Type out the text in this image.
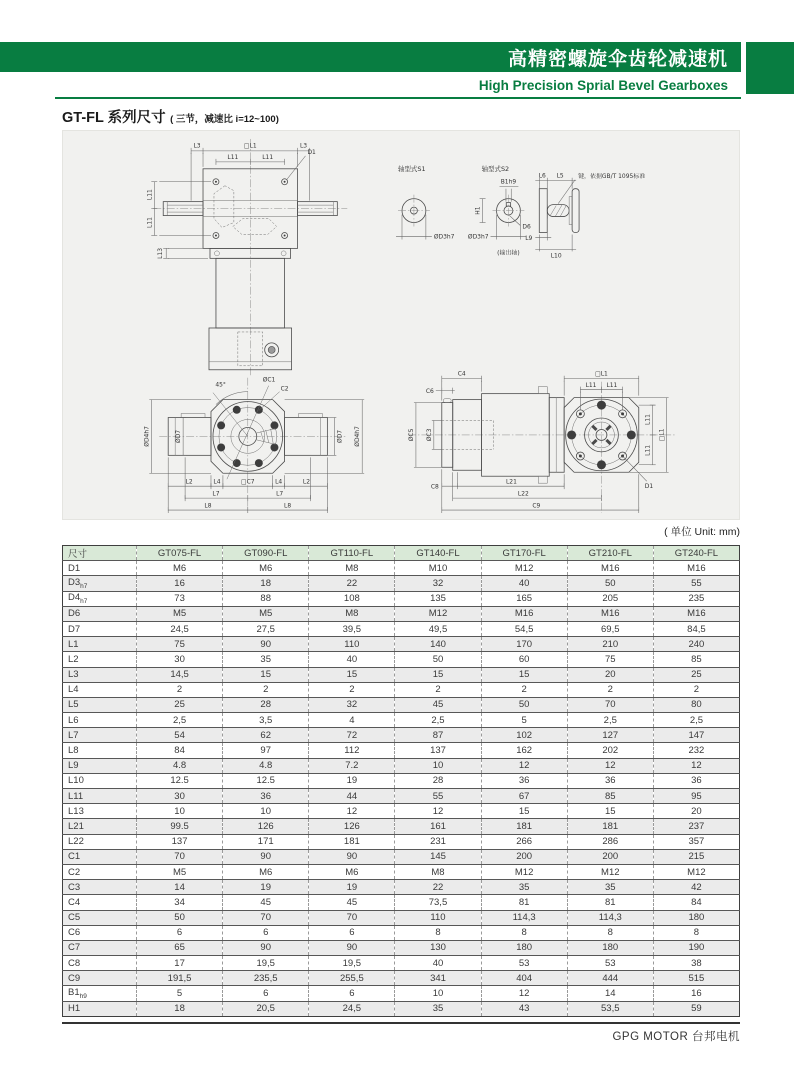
高精密螺旋伞齿轮减速机
High Precision Sprial Bevel Gearboxes
GT-FL 系列尺寸 ( 三节，减速比 i=12~100)
L3	□L1	L3
L11	L11
L11
L11
L13
D1
轴型式S1
ØD3h7
轴型式S2
B1h9
H1
D6
ØD3h7
(输出轴)
L6 L5 键，依据GB/T 1095标准
L9
L10
45°
ØC1
C2
ØD7	ØD7
ØD4h7	ØD4h7
L2	L4	□C7	L4	L2
L7	L7
L8	L8
C4
C6
□L1
L11 L11
ØC5 ØC3
L11
L11
□L1
D1
C8
L21
L22
C9
( 单位 Unit: mm)
尺寸	GT075-FL	GT090-FL	GT110-FL	GT140-FL	GT170-FL	GT210-FL	GT240-FL
D1	M6	M6	M8	M10	M12	M16	M16
$D3_{h7}$	16	18	22	32	40	50	55
$D4_{h7}$	73	88	108	135	165	205	235
D6	M5	M5	M8	M12	M16	M16	M16
D7	24,5	27,5	39,5	49,5	54,5	69,5	84,5
L1	75	90	110	140	170	210	240
L2	30	35	40	50	60	75	85
L3	14,5	15	15	15	15	20	25
L4	2	2	2	2	2	2	2
L5	25	28	32	45	50	70	80
L6	2,5	3,5	4	2,5	5	2,5	2,5
L7	54	62	72	87	102	127	147
L8	84	97	112	137	162	202	232
L9	4.8	4.8	7.2	10	12	12	12
L10	12.5	12.5	19	28	36	36	36
L11	30	36	44	55	67	85	95
L13	10	10	12	12	15	15	20
L21	99.5	126	126	161	181	181	237
L22	137	171	181	231	266	286	357
C1	70	90	90	145	200	200	215
C2	M5	M6	M6	M8	M12	M12	M12
C3	14	19	19	22	35	35	42
C4	34	45	45	73,5	81	81	84
C5	50	70	70	110	114,3	114,3	180
C6	6	6	6	8	8	8	8
C7	65	90	90	130	180	180	190
C8	17	19,5	19,5	40	53	53	38
C9	191,5	235,5	255,5	341	404	444	515
$B1_{h9}$	5	6	6	10	12	14	16
H1	18	20,5	24,5	35	43	53,5	59
GPG MOTOR 台邦电机
